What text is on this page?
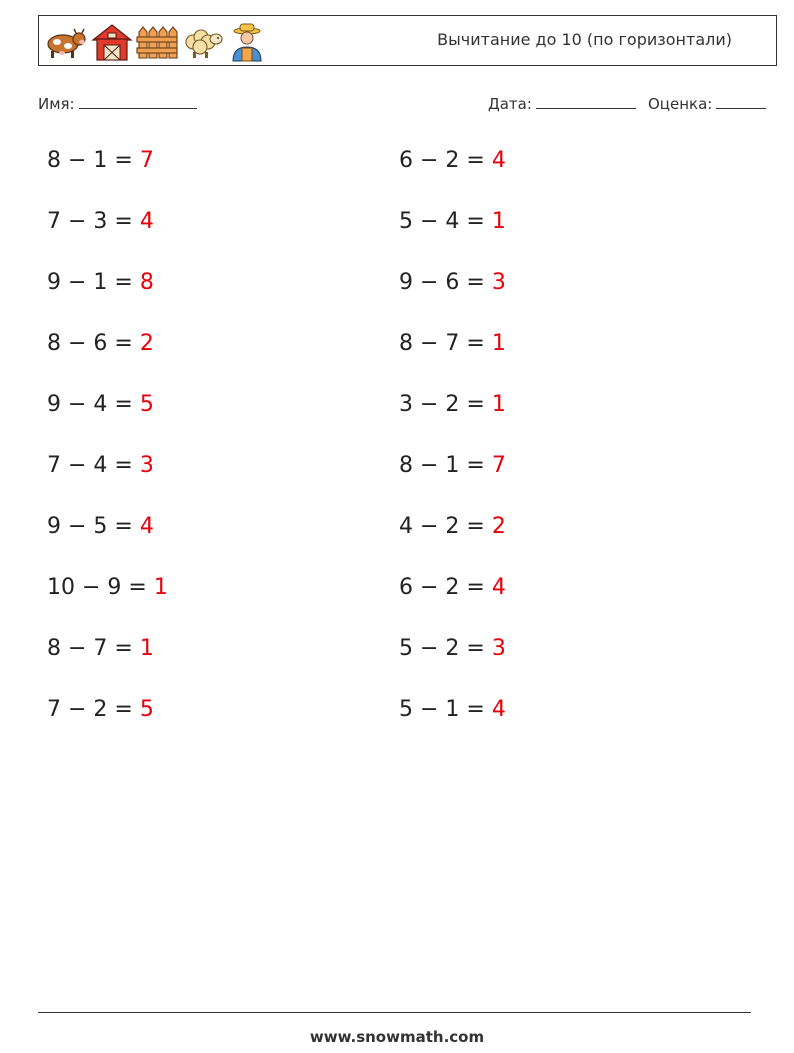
Вычитание до 10 (по горизонтали)
Имя:	Дата:	Оценка:
8 − 1 = 7
7 − 3 = 4
9 − 1 = 8
8 − 6 = 2
9 − 4 = 5
7 − 4 = 3
9 − 5 = 4
10 − 9 = 1
8 − 7 = 1
7 − 2 = 5
6 − 2 = 4
5 − 4 = 1
9 − 6 = 3
8 − 7 = 1
3 − 2 = 1
8 − 1 = 7
4 − 2 = 2
6 − 2 = 4
5 − 2 = 3
5 − 1 = 4
www.snowmath.com
